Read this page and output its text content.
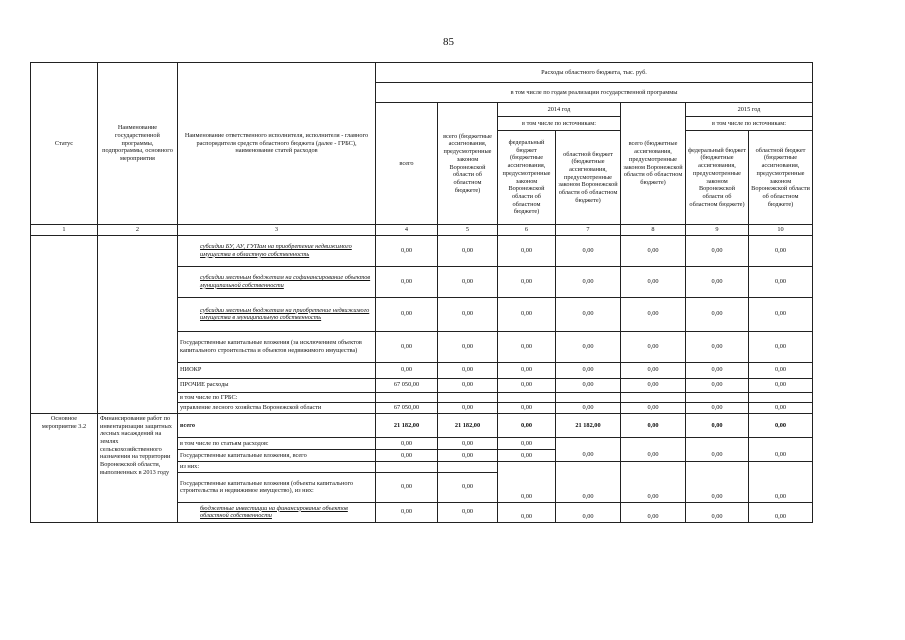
85
Статус	Наименование государственной программы, подпрограммы, основного мероприятия	Наименование ответственного исполнителя, исполнителя - главного распорядителя средств областного бюджета (далее - ГРБС), наименование статей расходов	Расходы областного бюджета, тыс. руб.						
			в том числе по годам реализации государственной программы						
			всего	всего (бюджетные ассигнования, предусмотренные законом Воронежской области об областном бюджете)	2014 год		всего (бюджетные ассигнования, предусмотренные законом Воронежской области об областном бюджете)	2015 год	
					в том числе по источникам:			в том числе по источникам:	
					федеральный бюджет (бюджетные ассигнования, предусмотренные законом Воронежской области об областном бюджете)	областной бюджет (бюджетные ассигнования, предусмотренные законом Воронежской области об областном бюджете)		федеральный бюджет (бюджетные ассигнования, предусмотренные законом Воронежской области об областном бюджете)	областной бюджет (бюджетные ассигнования, предусмотренные законом Воронежской области об областном бюджете)
1	2	3	4	5	6	7	8	9	10
		субсидии БУ, АУ, ГУПам на приобретение недвижимого имущества в областную собственность	0,00	0,00	0,00	0,00	0,00	0,00	0,00
		субсидии местным бюджетам на софинансирование объектов муниципальной собственности	0,00	0,00	0,00	0,00	0,00	0,00	0,00
		субсидии местным бюджетам на приобретение недвижимого имущества в муниципальную собственность	0,00	0,00	0,00	0,00	0,00	0,00	0,00
		Государственные капитальные вложения (за исключением объектов капитального строительства и объектов недвижимого имущества)	0,00	0,00	0,00	0,00	0,00	0,00	0,00
		НИОКР	0,00	0,00	0,00	0,00	0,00	0,00	0,00
		ПРОЧИЕ расходы	67 050,00	0,00	0,00	0,00	0,00	0,00	0,00
		в том числе по ГРБС:							
		управление лесного хозяйства Воронежской области	67 050,00	0,00	0,00	0,00	0,00	0,00	0,00
Основное мероприятие 3.2	Финансирование работ по инвентаризации защитных лесных насаждений на землях сельскохозяйственного назначения на территории Воронежской области, выполненных в 2013 году	всего	21 182,00	21 182,00	0,00	21 182,00	0,00	0,00	0,00
		в том числе по статьям расходов:	0,00	0,00	0,00				
		Государственные капитальные вложения, всего	0,00	0,00	0,00	0,00	0,00	0,00	0,00
		из них:							
		Государственные капитальные вложения (объекты капитального строительства и недвижимое имущество), из них:	0,00	0,00	0,00	0,00	0,00	0,00	0,00
		бюджетные инвестиции на финансирование объектов областной собственности	0,00	0,00	0,00	0,00	0,00	0,00	0,00
